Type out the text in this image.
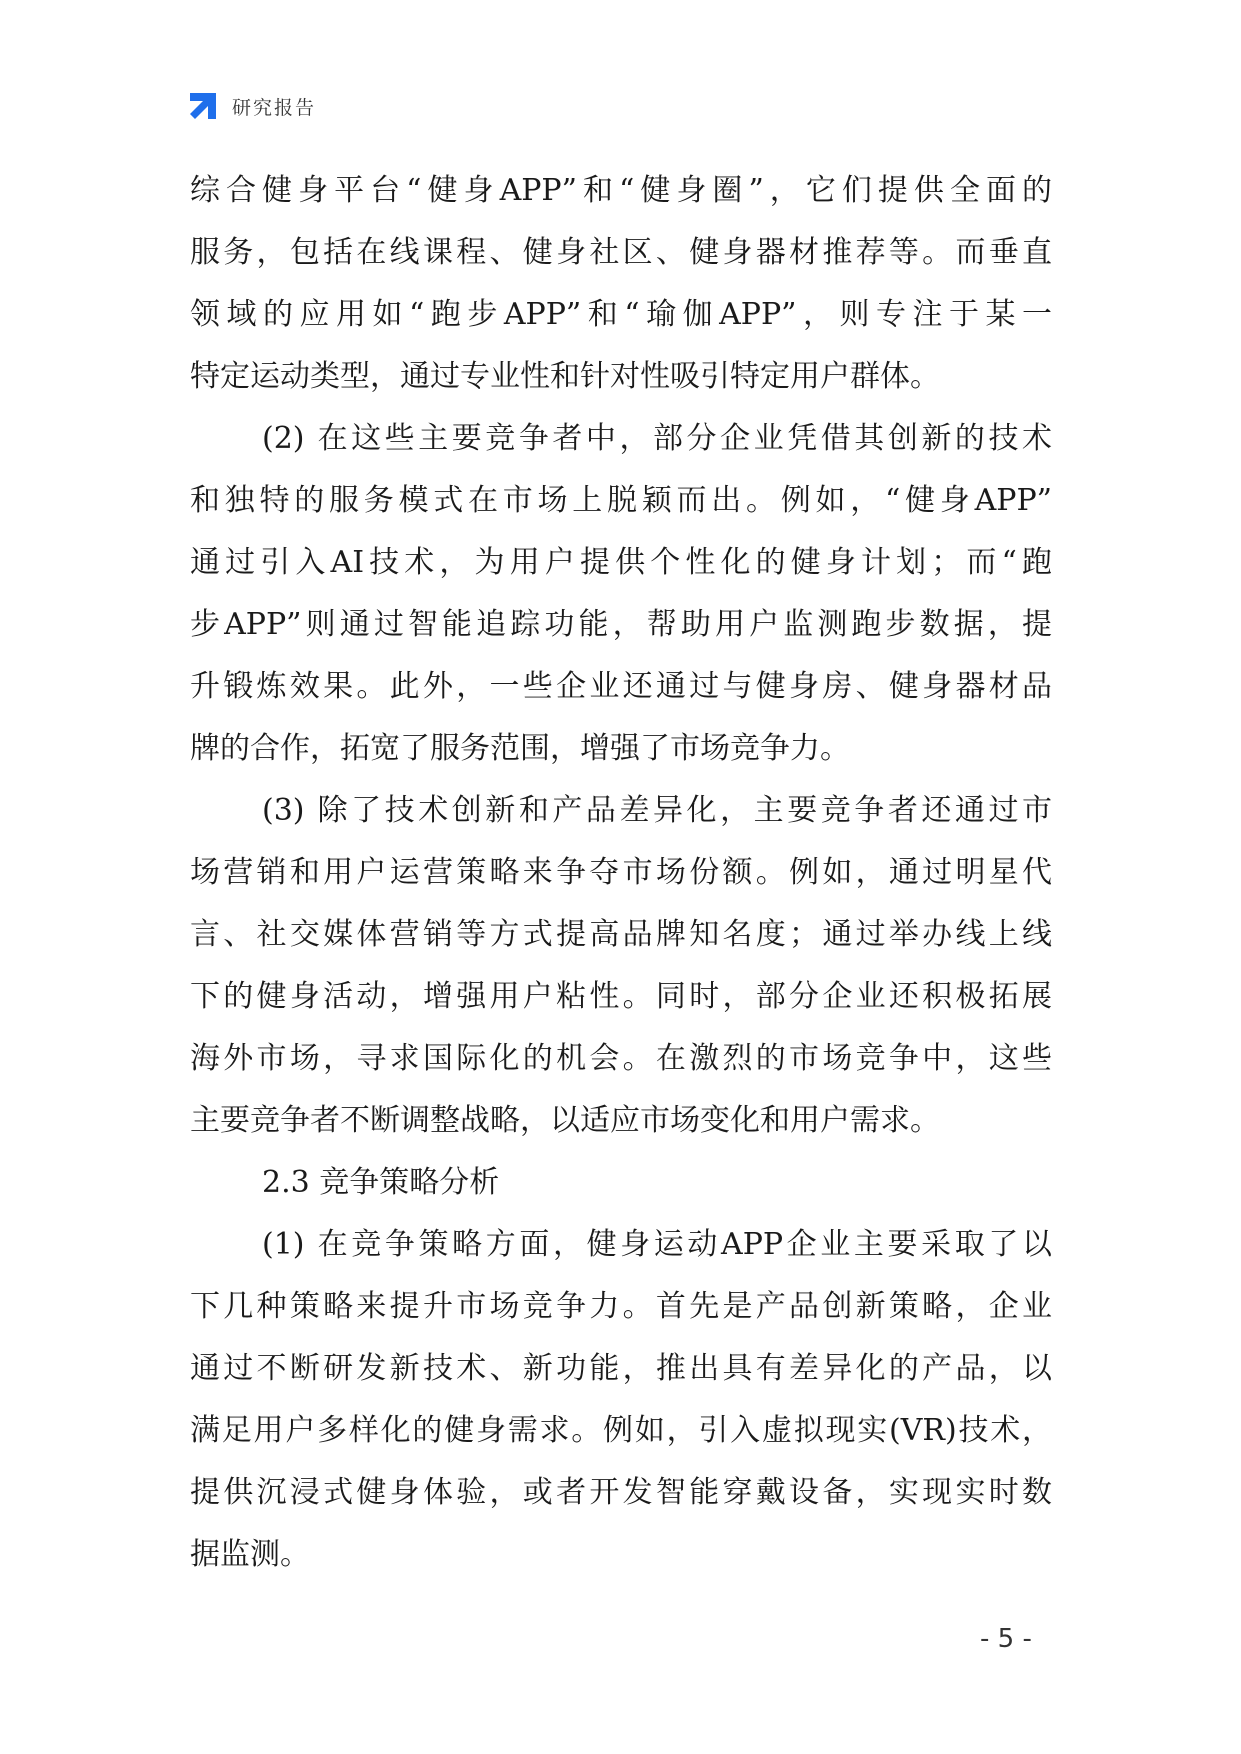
研究报告
综合健身平台“健身APP”和“健身圈”，它们提供全面的
服务，包括在线课程、健身社区、健身器材推荐等。而垂直
领域的应用如“跑步APP”和“瑜伽APP”，则专注于某一
特定运动类型，通过专业性和针对性吸引特定用户群体。
(2) 在这些主要竞争者中，部分企业凭借其创新的技术
和独特的服务模式在市场上脱颖而出。例如，“健身APP”
通过引入AI技术，为用户提供个性化的健身计划；而“跑
步APP”则通过智能追踪功能，帮助用户监测跑步数据，提
升锻炼效果。此外，一些企业还通过与健身房、健身器材品
牌的合作，拓宽了服务范围，增强了市场竞争力。
(3) 除了技术创新和产品差异化，主要竞争者还通过市
场营销和用户运营策略来争夺市场份额。例如，通过明星代
言、社交媒体营销等方式提高品牌知名度；通过举办线上线
下的健身活动，增强用户粘性。同时，部分企业还积极拓展
海外市场，寻求国际化的机会。在激烈的市场竞争中，这些
主要竞争者不断调整战略，以适应市场变化和用户需求。
2.3 竞争策略分析
(1) 在竞争策略方面，健身运动APP企业主要采取了以
下几种策略来提升市场竞争力。首先是产品创新策略，企业
通过不断研发新技术、新功能，推出具有差异化的产品，以
满足用户多样化的健身需求。例如，引入虚拟现实(VR)技术，
提供沉浸式健身体验，或者开发智能穿戴设备，实现实时数
据监测。
- 5 -
